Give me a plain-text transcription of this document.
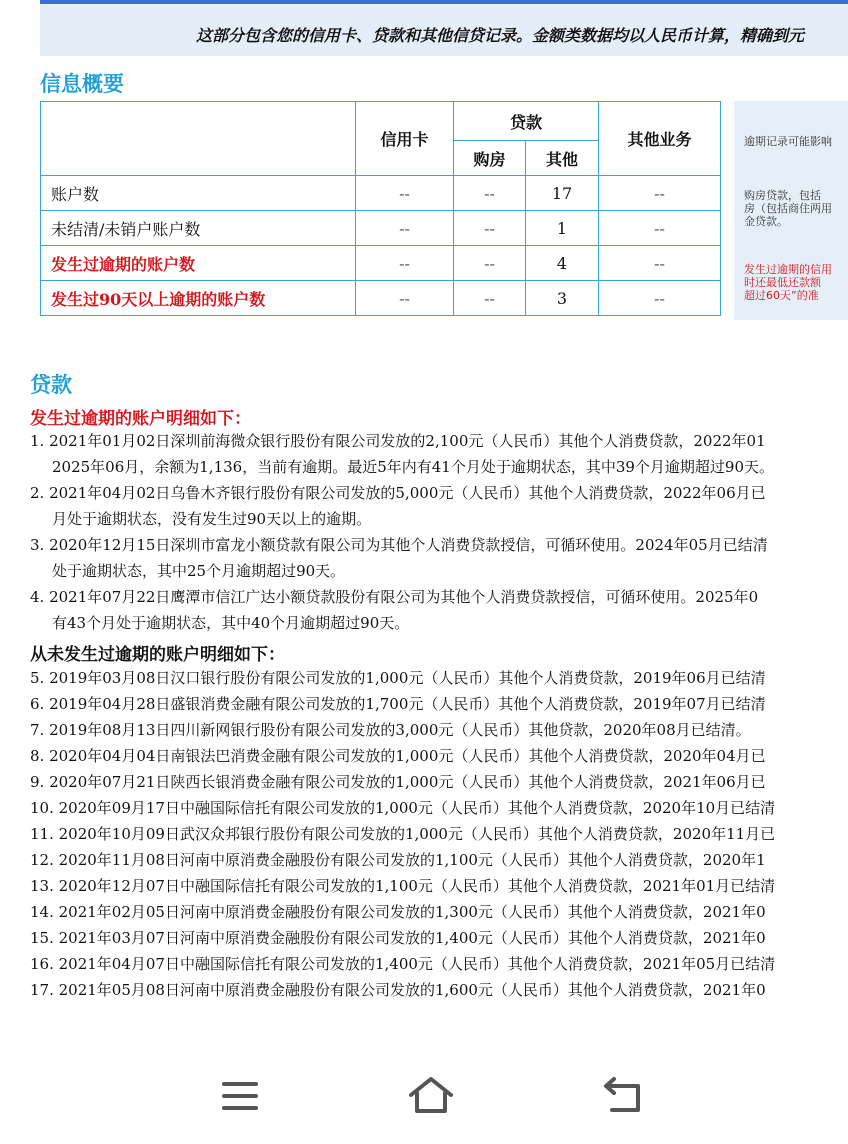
这部分包含您的信用卡、贷款和其他信贷记录。金额类数据均以人民币计算，精确到元
信息概要
	信用卡	贷款		其他业务
		购房	其他	
账户数	--	--	17	--
未结清/未销户账户数	--	--	1	--
发生过逾期的账户数	--	--	4	--
发生过90天以上逾期的账户数	--	--	3	--
逾期记录可能影响
购房贷款，包括
房（包括商住两用
金贷款。
发生过逾期的信用
时还最低还款额
超过60天”的准
贷款
发生过逾期的账户明细如下：
1. 2021年01月02日深圳前海微众银行股份有限公司发放的2,100元（人民币）其他个人消费贷款，2022年01
2025年06月，余额为1,136，当前有逾期。最近5年内有41个月处于逾期状态，其中39个月逾期超过90天。
2. 2021年04月02日乌鲁木齐银行股份有限公司发放的5,000元（人民币）其他个人消费贷款，2022年06月已
月处于逾期状态，没有发生过90天以上的逾期。
3. 2020年12月15日深圳市富龙小额贷款有限公司为其他个人消费贷款授信，可循环使用。2024年05月已结清
处于逾期状态，其中25个月逾期超过90天。
4. 2021年07月22日鹰潭市信江广达小额贷款股份有限公司为其他个人消费贷款授信，可循环使用。2025年0
有43个月处于逾期状态，其中40个月逾期超过90天。
从未发生过逾期的账户明细如下：
5. 2019年03月08日汉口银行股份有限公司发放的1,000元（人民币）其他个人消费贷款，2019年06月已结清
6. 2019年04月28日盛银消费金融有限公司发放的1,700元（人民币）其他个人消费贷款，2019年07月已结清
7. 2019年08月13日四川新网银行股份有限公司发放的3,000元（人民币）其他贷款，2020年08月已结清。
8. 2020年04月04日南银法巴消费金融有限公司发放的1,000元（人民币）其他个人消费贷款，2020年04月已
9. 2020年07月21日陕西长银消费金融有限公司发放的1,000元（人民币）其他个人消费贷款，2021年06月已
10. 2020年09月17日中融国际信托有限公司发放的1,000元（人民币）其他个人消费贷款，2020年10月已结清
11. 2020年10月09日武汉众邦银行股份有限公司发放的1,000元（人民币）其他个人消费贷款，2020年11月已
12. 2020年11月08日河南中原消费金融股份有限公司发放的1,100元（人民币）其他个人消费贷款，2020年1
13. 2020年12月07日中融国际信托有限公司发放的1,100元（人民币）其他个人消费贷款，2021年01月已结清
14. 2021年02月05日河南中原消费金融股份有限公司发放的1,300元（人民币）其他个人消费贷款，2021年0
15. 2021年03月07日河南中原消费金融股份有限公司发放的1,400元（人民币）其他个人消费贷款，2021年0
16. 2021年04月07日中融国际信托有限公司发放的1,400元（人民币）其他个人消费贷款，2021年05月已结清
17. 2021年05月08日河南中原消费金融股份有限公司发放的1,600元（人民币）其他个人消费贷款，2021年0
